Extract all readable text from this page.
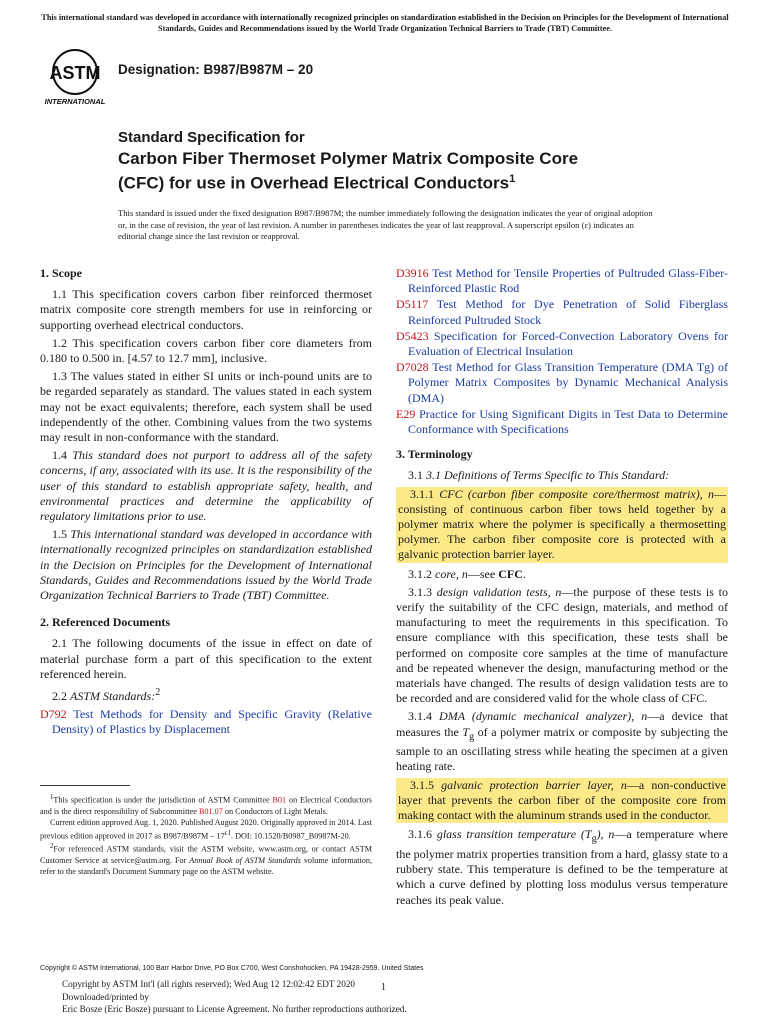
This international standard was developed in accordance with internationally recognized principles on standardization established in the Decision on Principles for the Development of International Standards, Guides and Recommendations issued by the World Trade Organization Technical Barriers to Trade (TBT) Committee.
ASTM
INTERNATIONAL
Designation: B987/B987M – 20
Standard Specification for
Carbon Fiber Thermoset Polymer Matrix Composite Core
(CFC) for use in Overhead Electrical Conductors$^1$
This standard is issued under the fixed designation B987/B987M; the number immediately following the designation indicates the year of original adoption or, in the case of revision, the year of last revision. A number in parentheses indicates the year of last reapproval. A superscript epsilon (ε) indicates an editorial change since the last revision or reapproval.
1. Scope

1.1 This specification covers carbon fiber reinforced thermoset matrix composite core strength members for use in reinforcing or supporting overhead electrical conductors.

1.2 This specification covers carbon fiber core diameters from 0.180 to 0.500 in. [4.57 to 12.7 mm], inclusive.

1.3 The values stated in either SI units or inch-pound units are to be regarded separately as standard. The values stated in each system may not be exact equivalents; therefore, each system shall be used independently of the other. Combining values from the two systems may result in non-conformance with the standard.

1.4 This standard does not purport to address all of the safety concerns, if any, associated with its use. It is the responsibility of the user of this standard to establish appropriate safety, health, and environmental practices and determine the applicability of regulatory limitations prior to use.

1.5 This international standard was developed in accordance with internationally recognized principles on standardization established in the Decision on Principles for the Development of International Standards, Guides and Recommendations issued by the World Trade Organization Technical Barriers to Trade (TBT) Committee.

2. Referenced Documents

2.1 The following documents of the issue in effect on date of material purchase form a part of this specification to the extent referenced herein.

2.2 ASTM Standards:$^2$

D792 Test Methods for Density and Specific Gravity (Relative Density) of Plastics by Displacement
D3916 Test Method for Tensile Properties of Pultruded Glass-Fiber-Reinforced Plastic Rod
D5117 Test Method for Dye Penetration of Solid Fiberglass Reinforced Pultruded Stock
D5423 Specification for Forced-Convection Laboratory Ovens for Evaluation of Electrical Insulation
D7028 Test Method for Glass Transition Temperature (DMA Tg) of Polymer Matrix Composites by Dynamic Mechanical Analysis (DMA)
E29 Practice for Using Significant Digits in Test Data to Determine Conformance with Specifications
3. Terminology

3.1 3.1 Definitions of Terms Specific to This Standard:

3.1.1 CFC (carbon fiber composite core/thermost matrix), n—consisting of continuous carbon fiber tows held together by a polymer matrix where the polymer is specifically a thermosetting polymer. The carbon fiber composite core is protected with a galvanic protection barrier layer.

3.1.2 core, n—see CFC.

3.1.3 design validation tests, n—the purpose of these tests is to verify the suitability of the CFC design, materials, and method of manufacturing to meet the requirements in this specification. To ensure compliance with this specification, these tests shall be performed on composite core samples at the time of manufacture and be repeated whenever the design, manufacturing method or the materials have changed. The results of design validation tests are to be recorded and are considered valid for the whole class of CFC.

3.1.4 DMA (dynamic mechanical analyzer), n—a device that measures the $T_g$ of a polymer matrix or composite by subjecting the sample to an oscillating stress while heating the specimen at a given heating rate.

3.1.5 galvanic protection barrier layer, n—a non-conductive layer that prevents the carbon fiber of the composite core from making contact with the aluminum strands used in the conductor.

3.1.6 glass transition temperature $(T_g)$, n—a temperature where the polymer matrix properties transition from a hard, glassy state to a rubbery state. This temperature is defined to be the temperature at which a curve defined by plotting loss modulus versus temperature reaches its peak value.

$^1$This specification is under the jurisdiction of ASTM Committee B01 on Electrical Conductors and is the direct responsibility of Subcommittee B01.07 on Conductors of Light Metals.

Current edition approved Aug. 1, 2020. Published August 2020. Originally approved in 2014. Last previous edition approved in 2017 as $B987/B987M - 17^{\varepsilon 1}$. DOI: 10.1520/B0987_B0987M-20.

$^2$For referenced ASTM standards, visit the ASTM website, www.astm.org, or contact ASTM Customer Service at service@astm.org. For Annual Book of ASTM Standards volume information, refer to the standard's Document Summary page on the ASTM website.

Copyright © ASTM International, 100 Barr Harbor Drive, PO Box C700, West Conshohocken, PA 19428-2959. United States
Copyright by ASTM Int'l (all rights reserved); Wed Aug 12 12:02:42 EDT 2020
Downloaded/printed by
Eric Bosze (Eric Bosze) pursuant to License Agreement. No further reproductions authorized.
1
